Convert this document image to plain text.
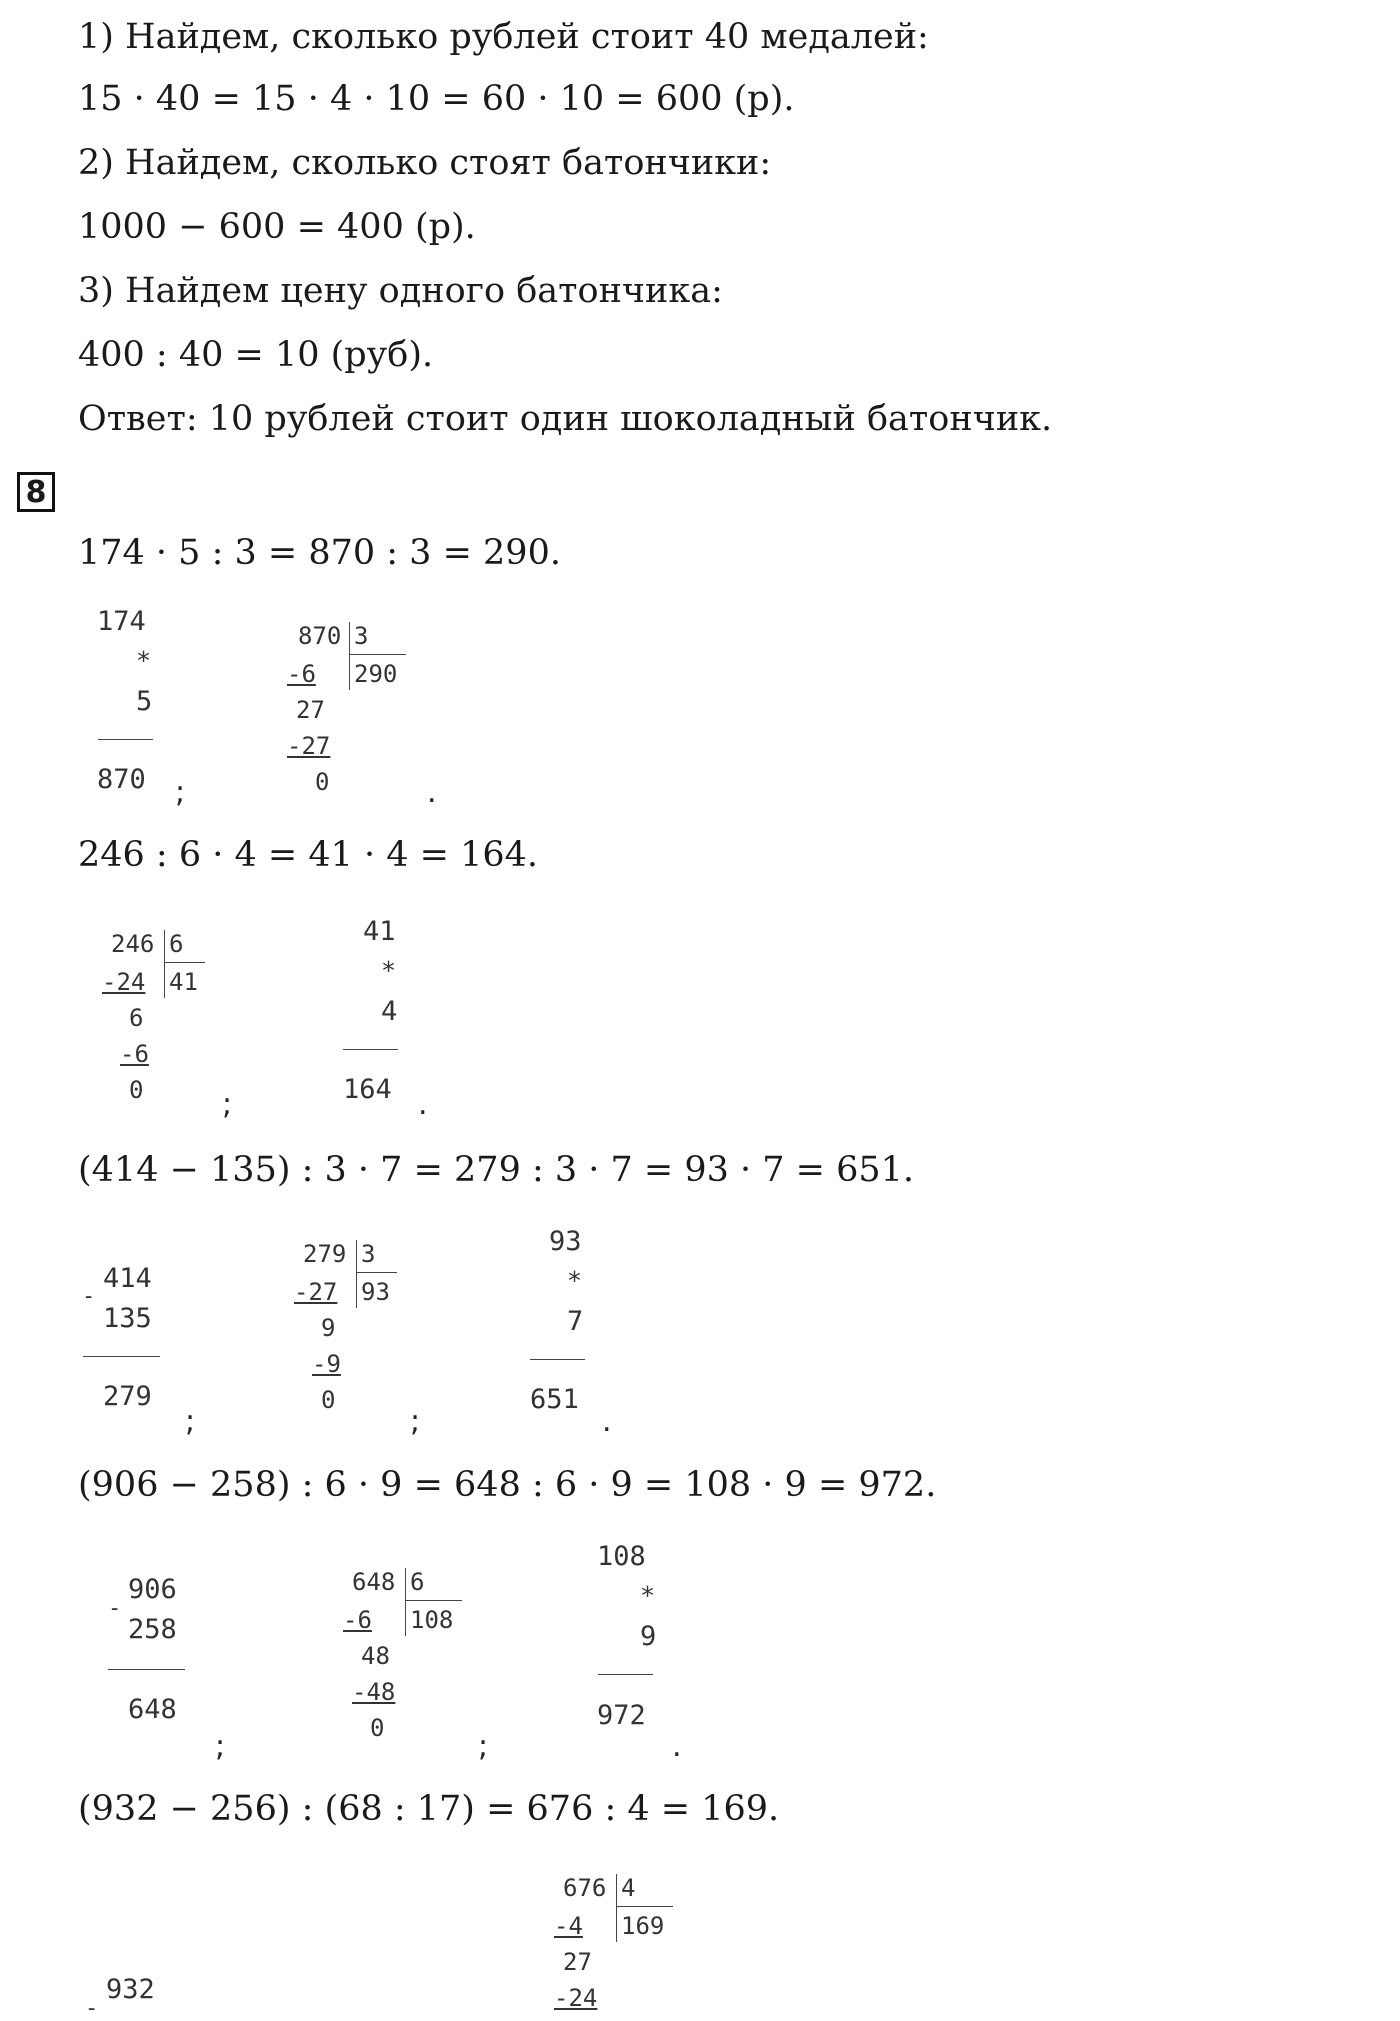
1) Найдем, сколько рублей стоит 40 медалей:
15 · 40 = 15 · 4 · 10 = 60 · 10 = 600 (р).
2) Найдем, сколько стоят батончики:
1000 − 600 = 400 (р).
3) Найдем цену одного батончика:
400 : 40 = 10 (руб).
Ответ: 10 рублей стоит один шоколадный батончик.
8
174 · 5 : 3 = 870 : 3 = 290.
174
*
5
870 ;
870 3
290
-6
27
-27
0	.
246 : 6 · 4 = 41 · 4 = 164.
246 6
41
-24
6
-6
0	;
41
*
4
164 .
(414 − 135) : 3 · 7 = 279 : 3 · 7 = 93 · 7 = 651.
-
414
135
279
;
279 3
93
-27
9
-9
0
;
93
*
7
651
.
(906 − 258) : 6 · 9 = 648 : 6 · 9 = 108 · 9 = 972.
-
906
258
648
;
648 6
108
-6
48
-48
0
;
108
*
9
972
.
(932 − 256) : (68 : 17) = 676 : 4 = 169.
676 4
169
-4
27
-24
-
932
